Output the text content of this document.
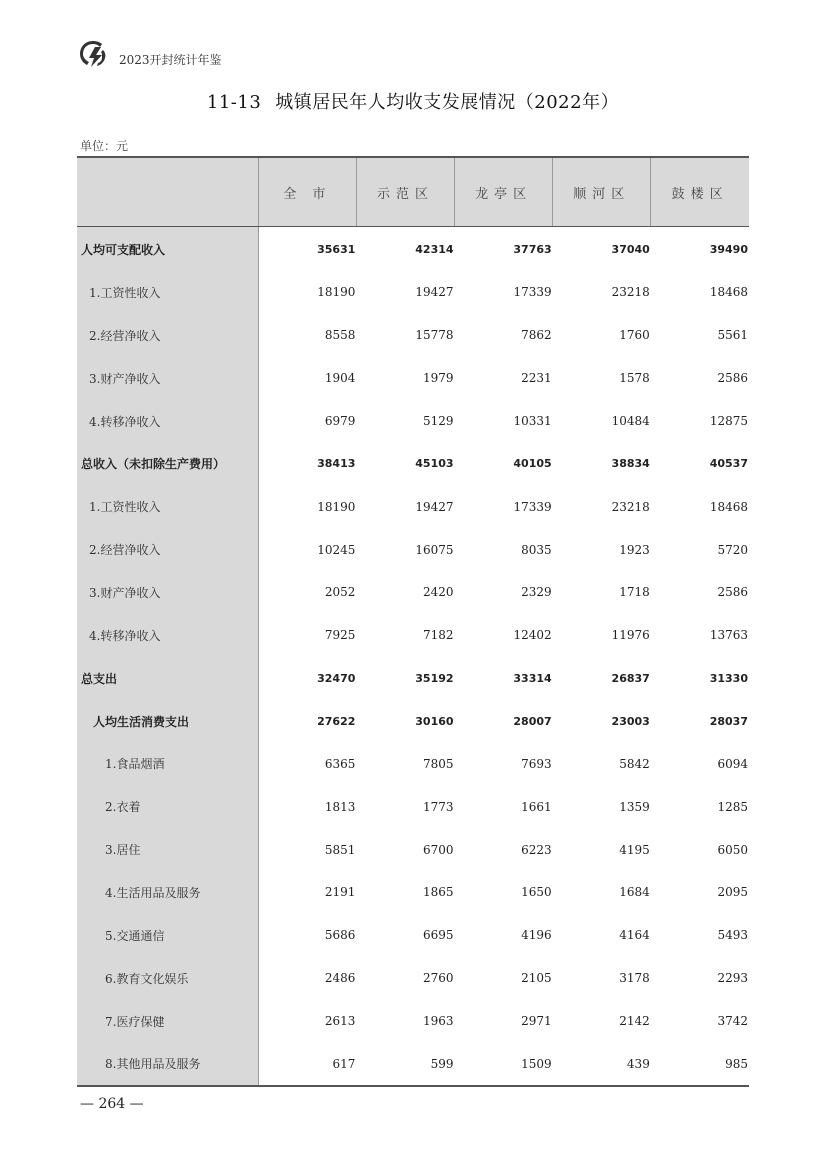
2023开封统计年鉴
11-13 城镇居民年人均收支发展情况（2022年）
单位：元
	全 市	示范区	龙亭区	顺河区	鼓楼区
人均可支配收入	35631	42314	37763	37040	39490
1.工资性收入	18190	19427	17339	23218	18468
2.经营净收入	8558	15778	7862	1760	5561
3.财产净收入	1904	1979	2231	1578	2586
4.转移净收入	6979	5129	10331	10484	12875
总收入（未扣除生产费用）	38413	45103	40105	38834	40537
1.工资性收入	18190	19427	17339	23218	18468
2.经营净收入	10245	16075	8035	1923	5720
3.财产净收入	2052	2420	2329	1718	2586
4.转移净收入	7925	7182	12402	11976	13763
总支出	32470	35192	33314	26837	31330
人均生活消费支出	27622	30160	28007	23003	28037
1.食品烟酒	6365	7805	7693	5842	6094
2.衣着	1813	1773	1661	1359	1285
3.居住	5851	6700	6223	4195	6050
4.生活用品及服务	2191	1865	1650	1684	2095
5.交通通信	5686	6695	4196	4164	5493
6.教育文化娱乐	2486	2760	2105	3178	2293
7.医疗保健	2613	1963	2971	2142	3742
8.其他用品及服务	617	599	1509	439	985
— 264 —
